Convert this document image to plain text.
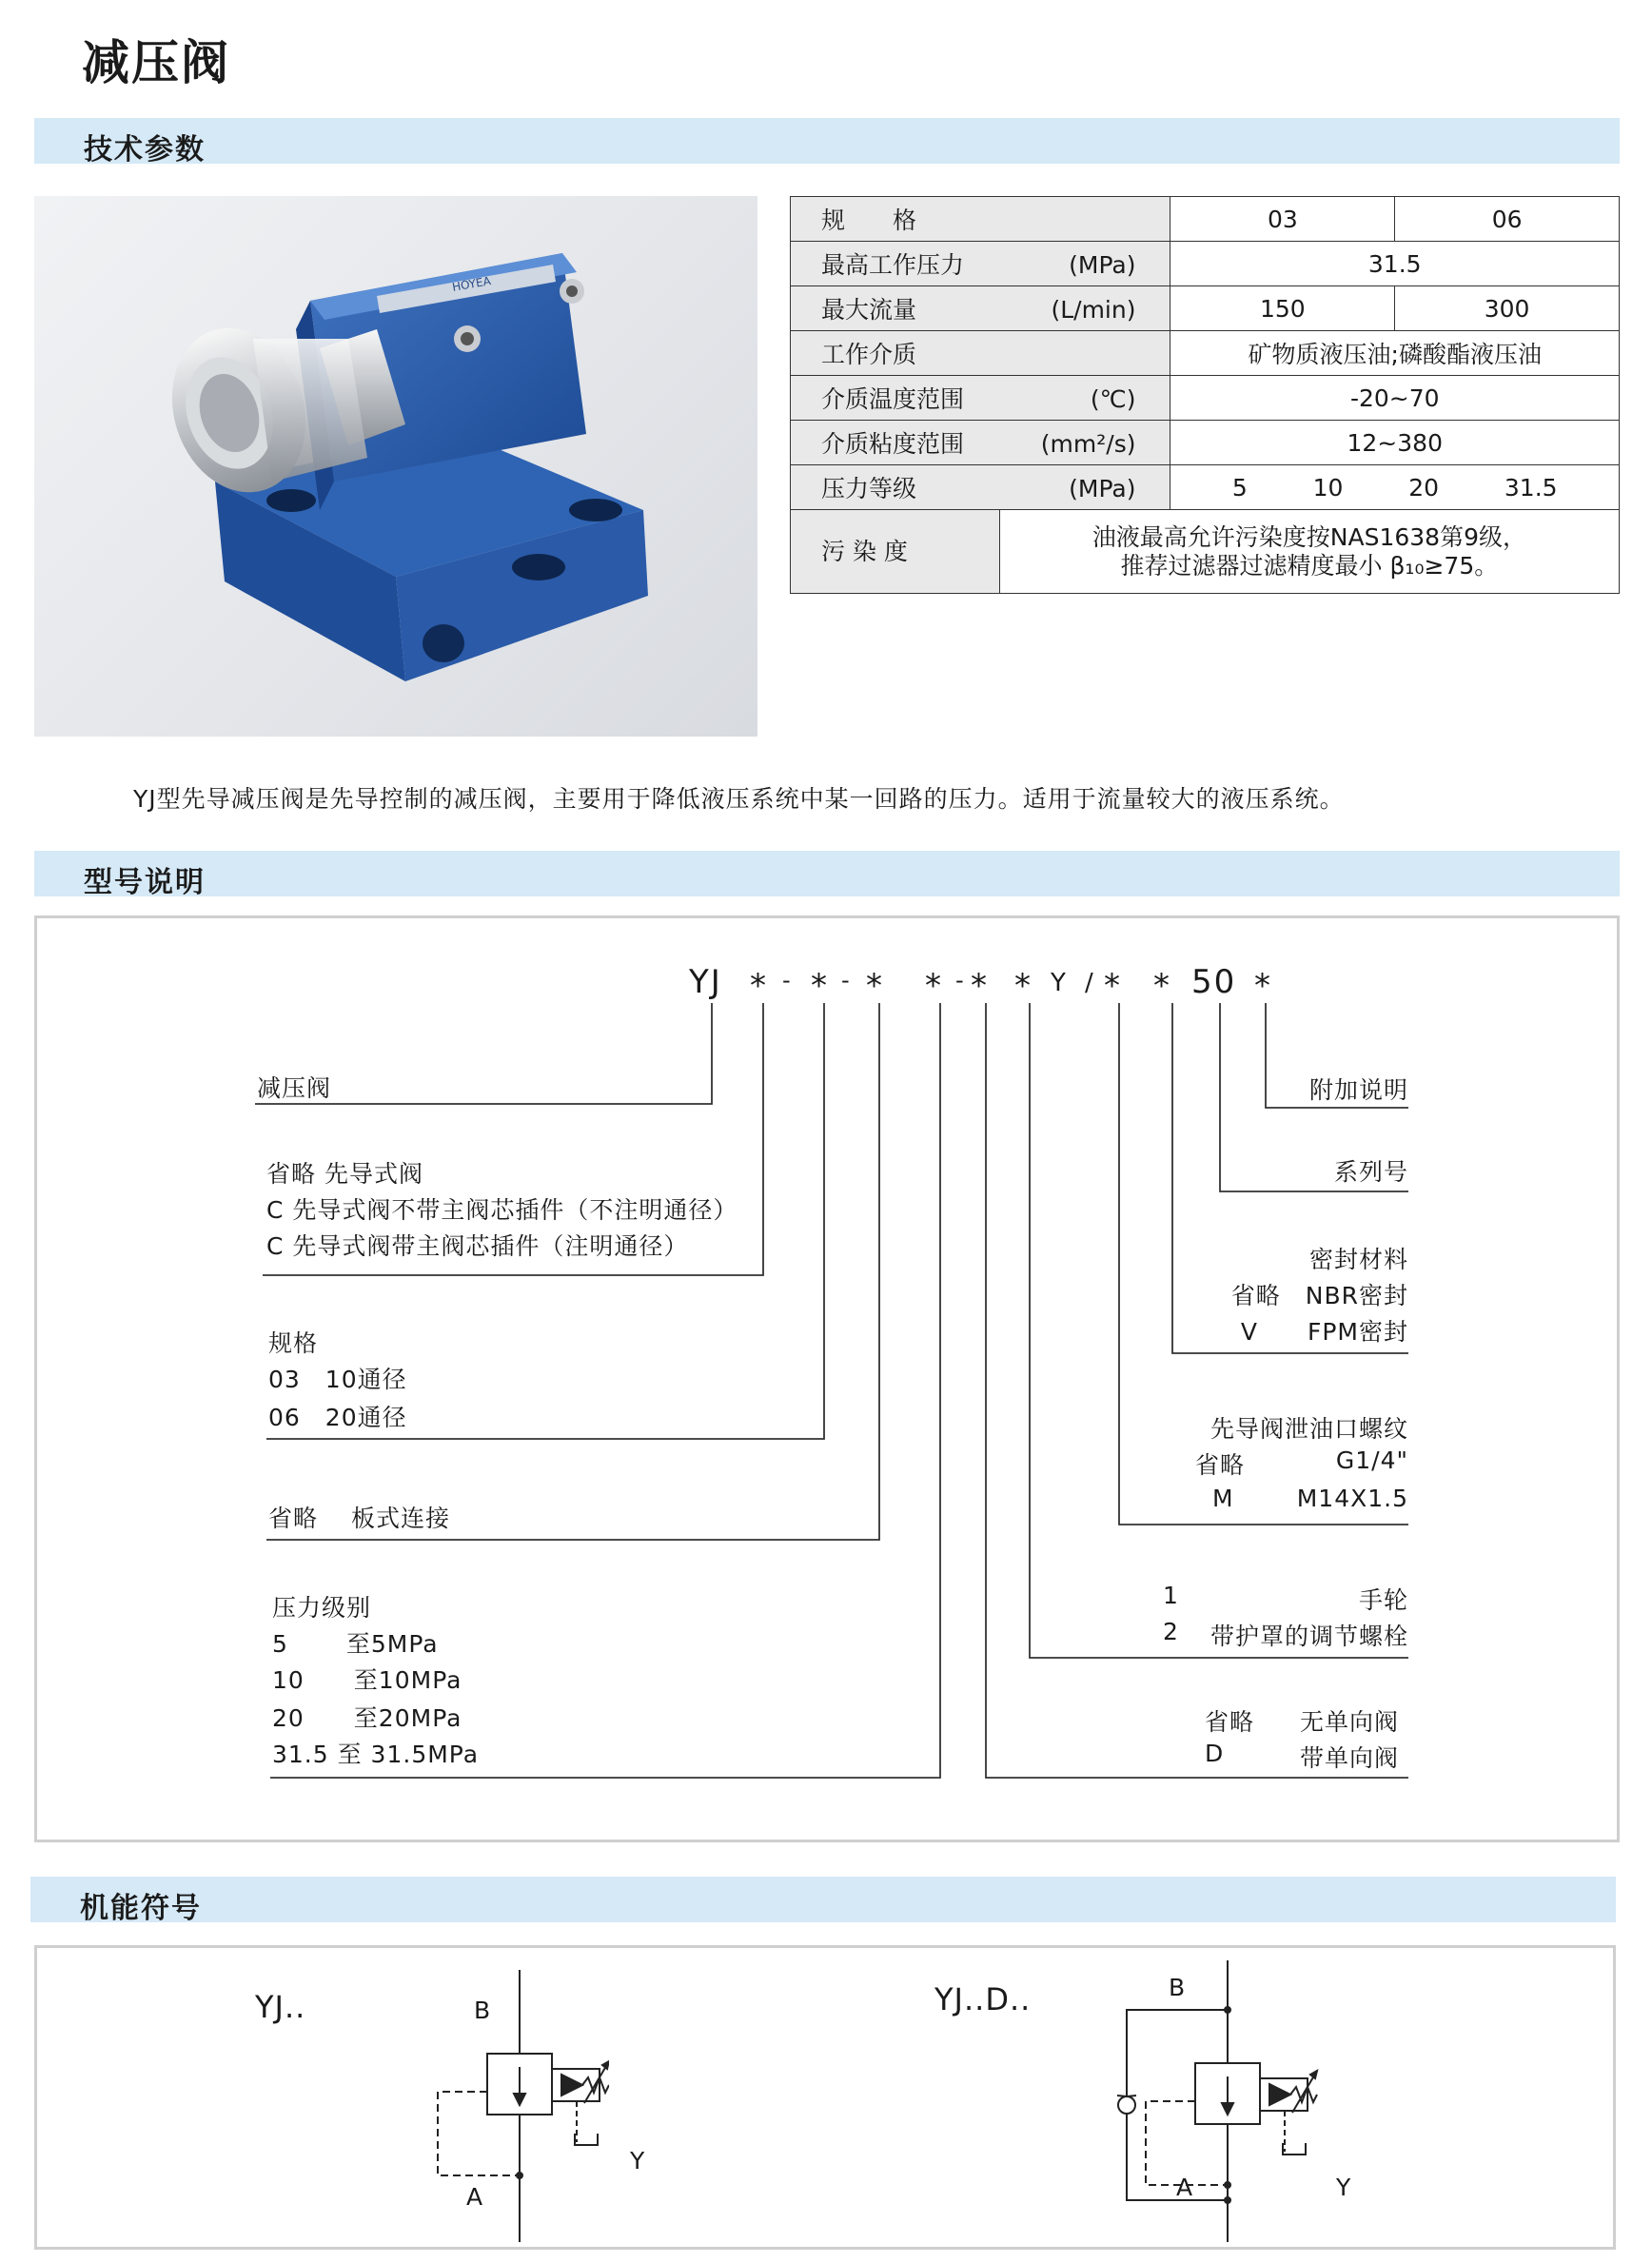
减压阀
技术参数
HOYEA
规　　格		03	06
最高工作压力 (MPa)		31.5	
最大流量 (L/min)		150	300
工作介质		矿物质液压油;磷酸酯液压油	
介质温度范围 (℃)		-20~70	
介质粘度范围 (mm²/s)		12~380	
压力等级 (MPa)		5 10 20 31.5	

污 染 度	油液最高允许污染度按NAS1638第9级，
推荐过滤器过滤精度最小 β₁₀≥75。		
YJ型先导减压阀是先导控制的减压阀，主要用于降低液压系统中某一回路的压力。适用于流量较大的液压系统。
型号说明
YJ * - * - * * - * * Y / * * 50 *
减压阀
省略 先导式阀
C 先导式阀不带主阀芯插件（不注明通径）
C 先导式阀带主阀芯插件（注明通径）
规格
03　10通径
06　20通径
省略　 板式连接
压力级别
5　　 至5MPa
10　　至10MPa
20　　至20MPa
31.5 至 31.5MPa
附加说明
系列号
密封材料
省略　NBR密封
V　　FPM密封
先导阀泄油口螺纹
省略	G1/4"
M	M14X1.5
1	手轮
2 带护罩的调节螺栓
省略 无单向阀
D	带单向阀
机能符号
YJ..	B
A
Y
YJ..D..	B
A	Y
